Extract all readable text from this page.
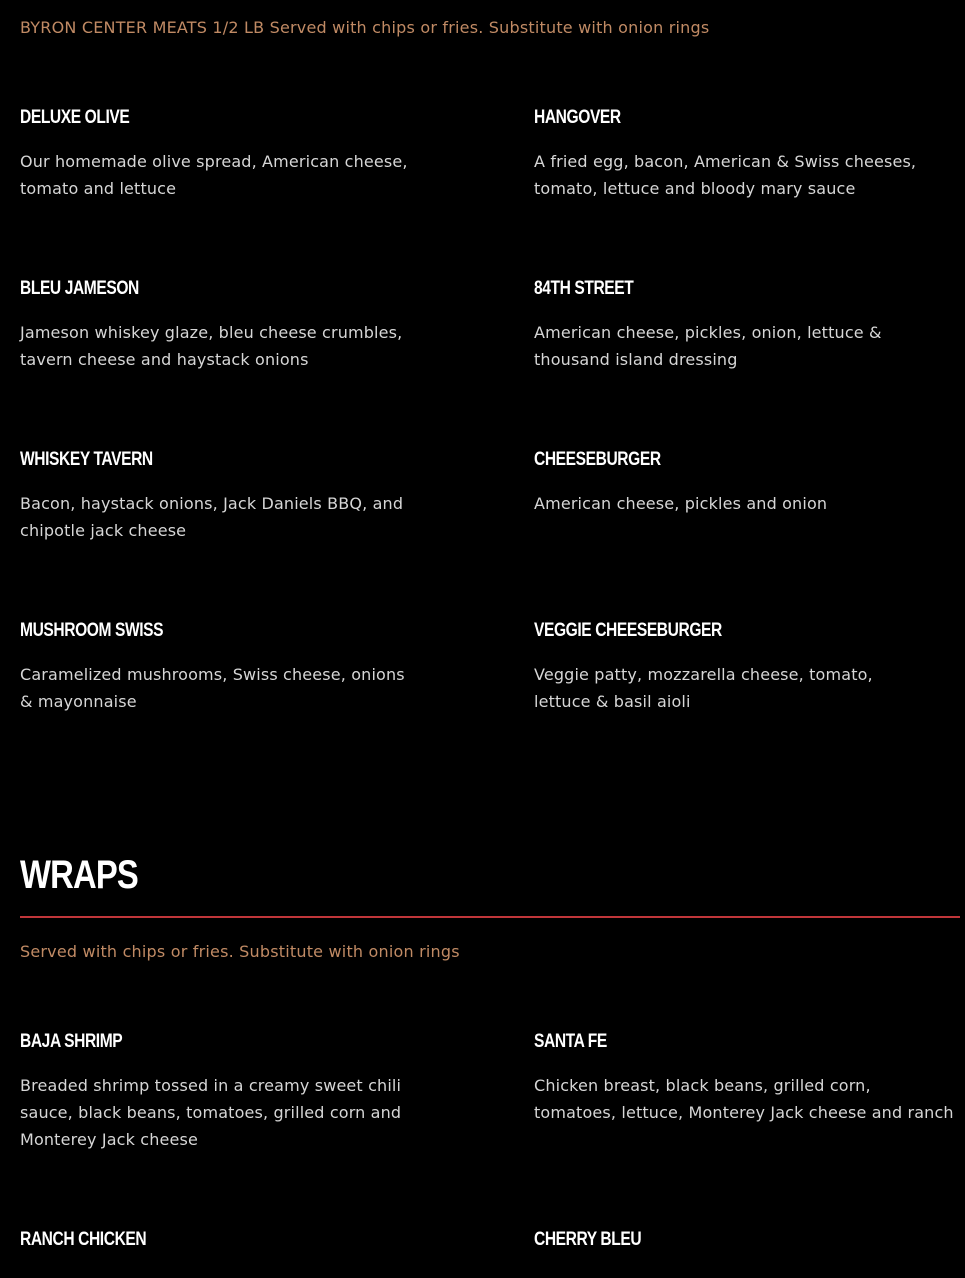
BYRON CENTER MEATS 1/2 LB Served with chips or fries. Substitute with onion rings
DELUXE OLIVE
Our homemade olive spread, American cheese, tomato and lettuce
HANGOVER
A fried egg, bacon, American & Swiss cheeses, tomato, lettuce and bloody mary sauce
BLEU JAMESON
Jameson whiskey glaze, bleu cheese crumbles, tavern cheese and haystack onions
84TH STREET
American cheese, pickles, onion, lettuce & thousand island dressing
WHISKEY TAVERN
Bacon, haystack onions, Jack Daniels BBQ, and chipotle jack cheese
CHEESEBURGER
American cheese, pickles and onion
MUSHROOM SWISS
Caramelized mushrooms, Swiss cheese, onions & mayonnaise
VEGGIE CHEESEBURGER
Veggie patty, mozzarella cheese, tomato, lettuce & basil aioli
WRAPS
Served with chips or fries. Substitute with onion rings
BAJA SHRIMP
Breaded shrimp tossed in a creamy sweet chili sauce, black beans, tomatoes, grilled corn and Monterey Jack cheese
SANTA FE
Chicken breast, black beans, grilled corn, tomatoes, lettuce, Monterey Jack cheese and ranch
RANCH CHICKEN	CHERRY BLEU
